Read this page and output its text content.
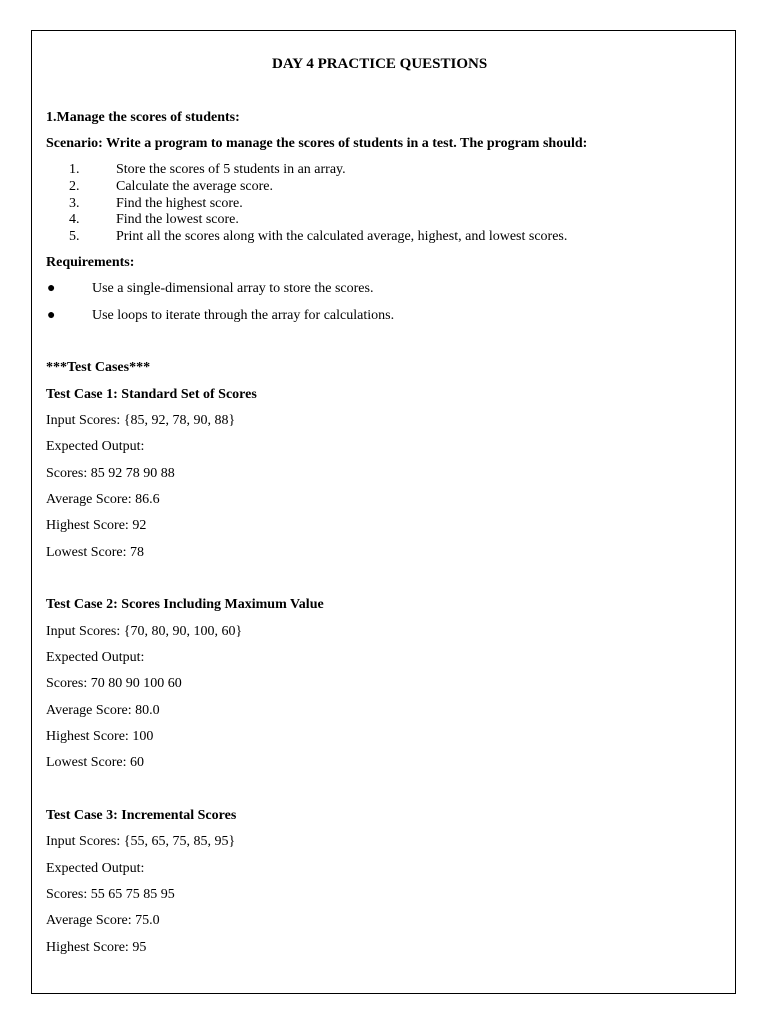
DAY 4 PRACTICE QUESTIONS
1.Manage the scores of students:
Scenario: Write a program to manage the scores of students in a test. The program should:
1.	Store the scores of 5 students in an array.
2.	Calculate the average score.
3.	Find the highest score.
4.	Find the lowest score.
5.	Print all the scores along with the calculated average, highest, and lowest scores.
Requirements:
●	Use a single-dimensional array to store the scores.
●	Use loops to iterate through the array for calculations.
***Test Cases***
Test Case 1: Standard Set of Scores
Input Scores: {85, 92, 78, 90, 88}
Expected Output:
Scores: 85 92 78 90 88
Average Score: 86.6
Highest Score: 92
Lowest Score: 78
Test Case 2: Scores Including Maximum Value
Input Scores: {70, 80, 90, 100, 60}
Expected Output:
Scores: 70 80 90 100 60
Average Score: 80.0
Highest Score: 100
Lowest Score: 60
Test Case 3: Incremental Scores
Input Scores: {55, 65, 75, 85, 95}
Expected Output:
Scores: 55 65 75 85 95
Average Score: 75.0
Highest Score: 95
